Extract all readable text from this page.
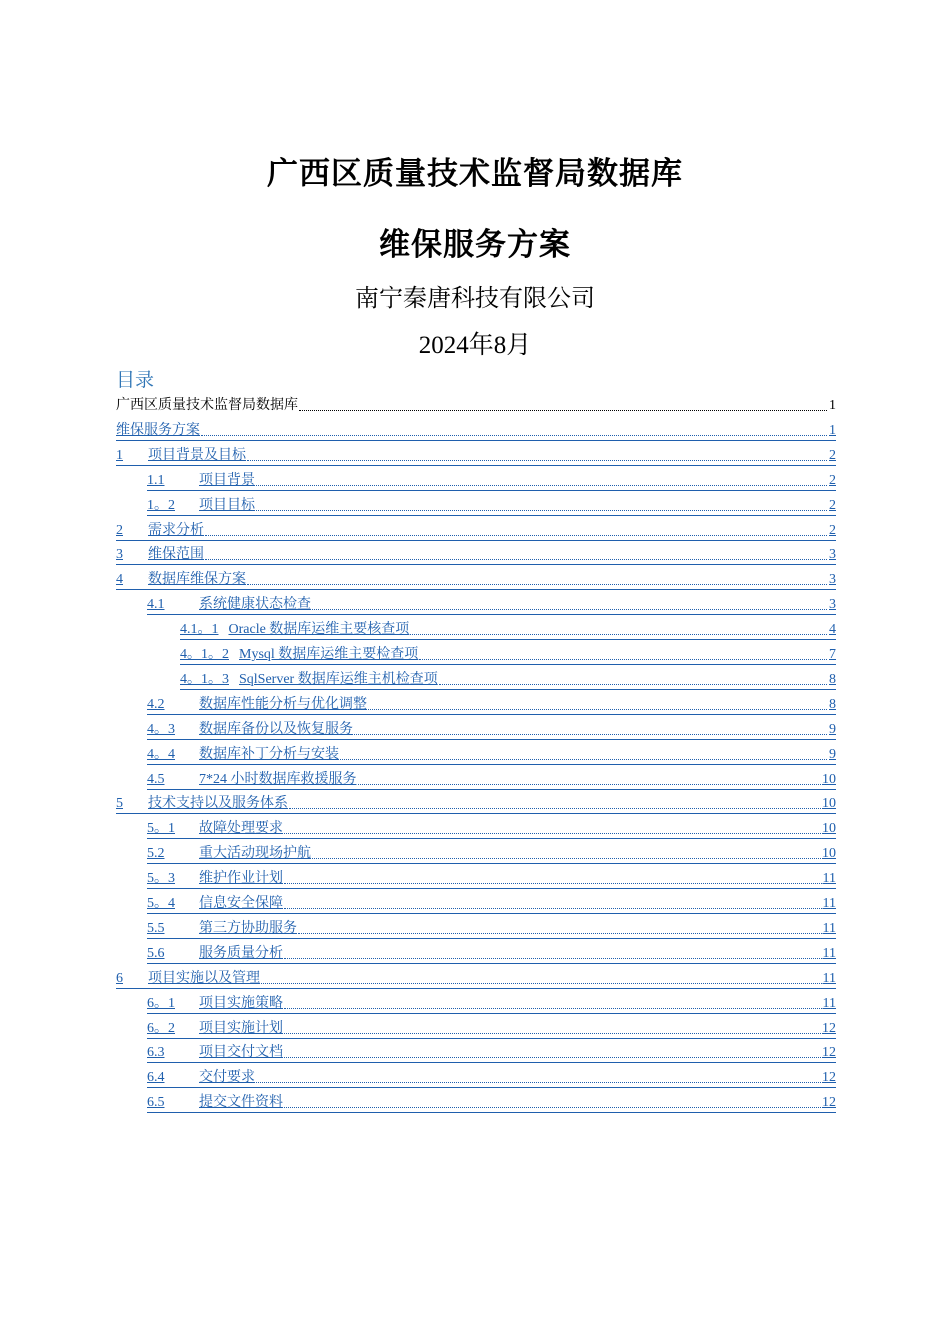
广西区质量技术监督局数据库
维保服务方案
南宁秦唐科技有限公司
2024年8月
目录
广西区质量技术监督局数据库	1
维保服务方案	1
1	项目背景及目标	2
1.1	项目背景	2
1。2	项目目标	2
2	需求分析	2
3	维保范围	3
4	数据库维保方案	3
4.1	系统健康状态检查	3
4.1。1 Oracle 数据库运维主要核查项	4
4。1。2 Mysql 数据库运维主要检查项	7
4。1。3 SqlServer 数据库运维主机检查项	8
4.2	数据库性能分析与优化调整	8
4。3	数据库备份以及恢复服务	9
4。4	数据库补丁分析与安装	9
4.5	7*24 小时数据库救援服务	10
5	技术支持以及服务体系	10
5。1	故障处理要求	10
5.2	重大活动现场护航	10
5。3	维护作业计划	11
5。4	信息安全保障	11
5.5	第三方协助服务	11
5.6	服务质量分析	11
6	项目实施以及管理	11
6。1	项目实施策略	11
6。2	项目实施计划	12
6.3	项目交付文档	12
6.4	交付要求	12
6.5	提交文件资料	12
